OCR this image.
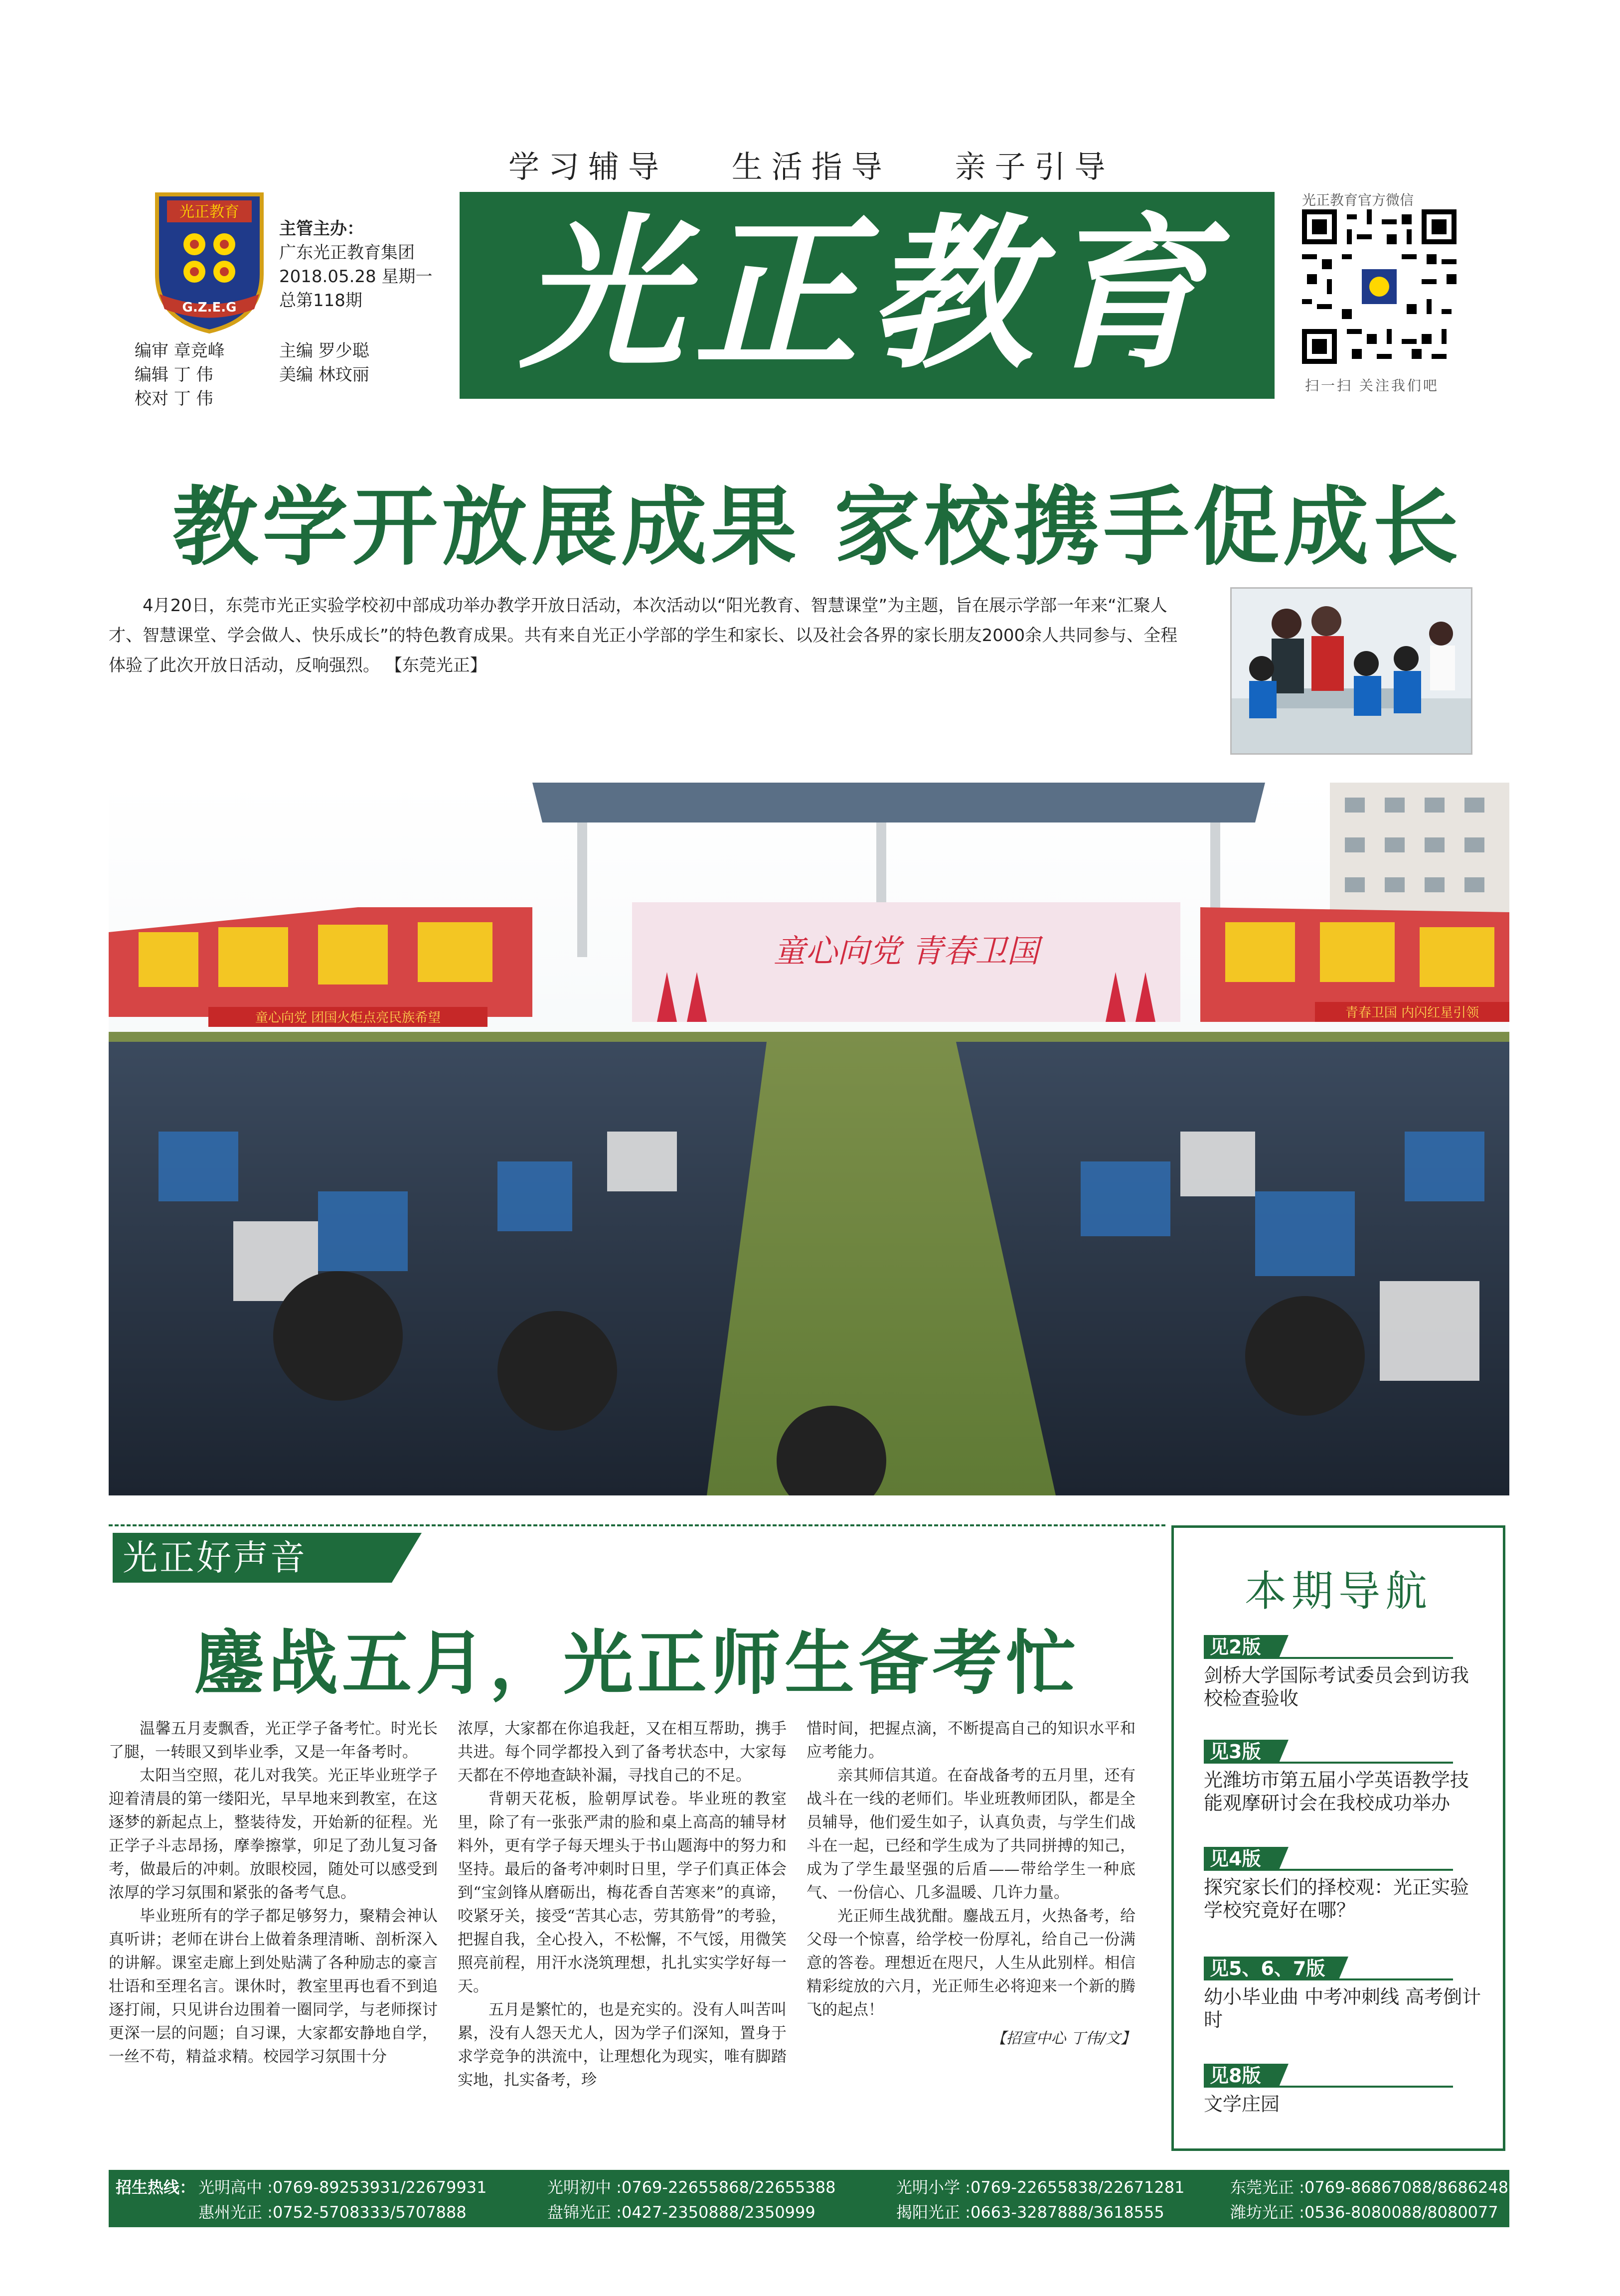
学习辅导 生活指导 亲子引导
光正教育
G.Z.E.G
主管主办：
广东光正教育集团
2018.05.28 星期一
总第118期
编审 章竞峰	主编 罗少聪
编辑 丁 伟	美编 林玟丽
校对 丁 伟
光正教育	光正教育官方微信
扫一扫 关注我们吧
教学开放展成果 家校携手促成长
4月20日，东莞市光正实验学校初中部成功举办教学开放日活动，本次活动以“阳光教育、智慧课堂”为主题，旨在展示学部一年来“汇聚人才、智慧课堂、学会做人、快乐成长”的特色教育成果。共有来自光正小学部的学生和家长、以及社会各界的家长朋友2000余人共同参与、全程体验了此次开放日活动，反响强烈。 【东莞光正】
童心向党 青春卫国
童心向党 团国火炬点亮民族希望	青春卫国 内闪红星引领
光正好声音
鏖战五月，光正师生备考忙

温馨五月麦飘香，光正学子备考忙。时光长了腿，一转眼又到毕业季，又是一年备考时。

太阳当空照，花儿对我笑。光正毕业班学子迎着清晨的第一缕阳光，早早地来到教室，在这逐梦的新起点上，整装待发，开始新的征程。光正学子斗志昂扬，摩拳擦掌，卯足了劲儿复习备考，做最后的冲刺。放眼校园，随处可以感受到浓厚的学习氛围和紧张的备考气息。

毕业班所有的学子都足够努力，聚精会神认真听讲；老师在讲台上做着条理清晰、剖析深入的讲解。课室走廊上到处贴满了各种励志的豪言壮语和至理名言。课休时，教室里再也看不到追逐打闹，只见讲台边围着一圈同学，与老师探讨更深一层的问题；自习课，大家都安静地自学，一丝不苟，精益求精。校园学习氛围十分

浓厚，大家都在你追我赶，又在相互帮助，携手共进。每个同学都投入到了备考状态中，大家每天都在不停地查缺补漏，寻找自己的不足。

背朝天花板，脸朝厚试卷。毕业班的教室里，除了有一张张严肃的脸和桌上高高的辅导材料外，更有学子每天埋头于书山题海中的努力和坚持。最后的备考冲刺时日里，学子们真正体会到“宝剑锋从磨砺出，梅花香自苦寒来”的真谛，咬紧牙关，接受“苦其心志，劳其筋骨”的考验，把握自我，全心投入，不松懈，不气馁，用微笑照亮前程，用汗水浇筑理想，扎扎实实学好每一天。

五月是繁忙的，也是充实的。没有人叫苦叫累，没有人怨天尤人，因为学子们深知，置身于求学竞争的洪流中，让理想化为现实，唯有脚踏实地，扎实备考，珍

惜时间，把握点滴，不断提高自己的知识水平和应考能力。

亲其师信其道。在奋战备考的五月里，还有战斗在一线的老师们。毕业班教师团队，都是全员辅导，他们爱生如子，认真负责，与学生们战斗在一起，已经和学生成为了共同拼搏的知己，成为了学生最坚强的后盾——带给学生一种底气、一份信心、几多温暖、几许力量。

光正师生战犹酣。鏖战五月，火热备考，给父母一个惊喜，给学校一份厚礼，给自己一份满意的答卷。理想近在咫尺，人生从此别样。相信精彩绽放的六月，光正师生必将迎来一个新的腾飞的起点！

【招宣中心 丁伟/文】
本期导航
见2版
剑桥大学国际考试委员会到访我校检查验收
见3版
光潍坊市第五届小学英语教学技能观摩研讨会在我校成功举办
见4版
探究家长们的择校观：光正实验学校究竟好在哪？
见5、6、7版
幼小毕业曲 中考冲刺线 高考倒计时
见8版
文学庄园
招生热线： 光明高中 :0769-89253931/22679931	光明初中 :0769-22655868/22655388	光明小学 :0769-22655838/22671281	东莞光正 :0769-86867088/86862488
惠州光正 :0752-5708333/5707888	盘锦光正 :0427-2350888/2350999	揭阳光正 :0663-3287888/3618555	潍坊光正 :0536-8080088/8080077
